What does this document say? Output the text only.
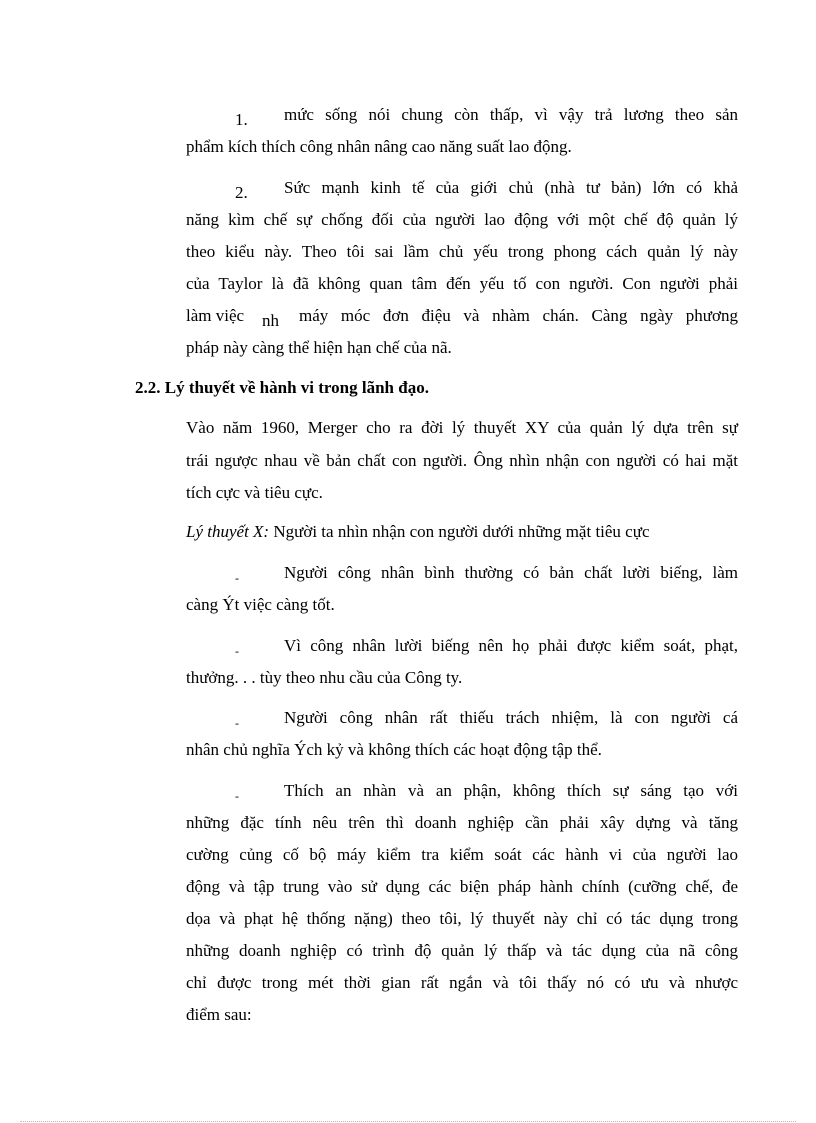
1. mức sống nói chung còn thấp, vì vậy trả lương theo sản
phẩm kích thích công nhân nâng cao năng suất lao động.
2. Sức mạnh kinh tế của giới chủ (nhà tư bản) lớn có khả
năng kìm chế sự chống đối của người lao động với một chế độ quản lý
theo kiểu này. Theo tôi sai lầm chủ yếu trong phong cách quản lý này
của Taylor là đã không quan tâm đến yếu tố con người. Con người phải
làm việc nh máy móc đơn điệu và nhàm chán. Càng ngày phương
pháp này càng thể hiện hạn chế của nã.
2.2. Lý thuyết về hành vi trong lãnh đạo.
Vào năm 1960, Merger cho ra đời lý thuyết XY của quản lý dựa trên sự
trái ngược nhau về bản chất con người. Ông nhìn nhận con người có hai mặt
tích cực và tiêu cực.
Lý thuyết X: Người ta nhìn nhận con người dưới những mặt tiêu cực
-	Người công nhân bình thường có bản chất lười biếng, làm
càng Ýt việc càng tốt.
-	Vì công nhân lười biếng nên họ phải được kiểm soát, phạt,
thưởng. . . tùy theo nhu cầu của Công ty.
-	Người công nhân rất thiếu trách nhiệm, là con người cá
nhân chủ nghĩa Ých kỷ và không thích các hoạt động tập thể.
-	Thích an nhàn và an phận, không thích sự sáng tạo với
những đặc tính nêu trên thì doanh nghiệp cần phải xây dựng và tăng
cường củng cố bộ máy kiểm tra kiểm soát các hành vi của người lao
động và tập trung vào sử dụng các biện pháp hành chính (cưỡng chế, đe
dọa và phạt hệ thống nặng) theo tôi, lý thuyết này chỉ có tác dụng trong
những doanh nghiệp có trình độ quản lý thấp và tác dụng của nã công
chỉ được trong mét thời gian rất ngắn và tôi thấy nó có ưu và nhược
điểm sau:
